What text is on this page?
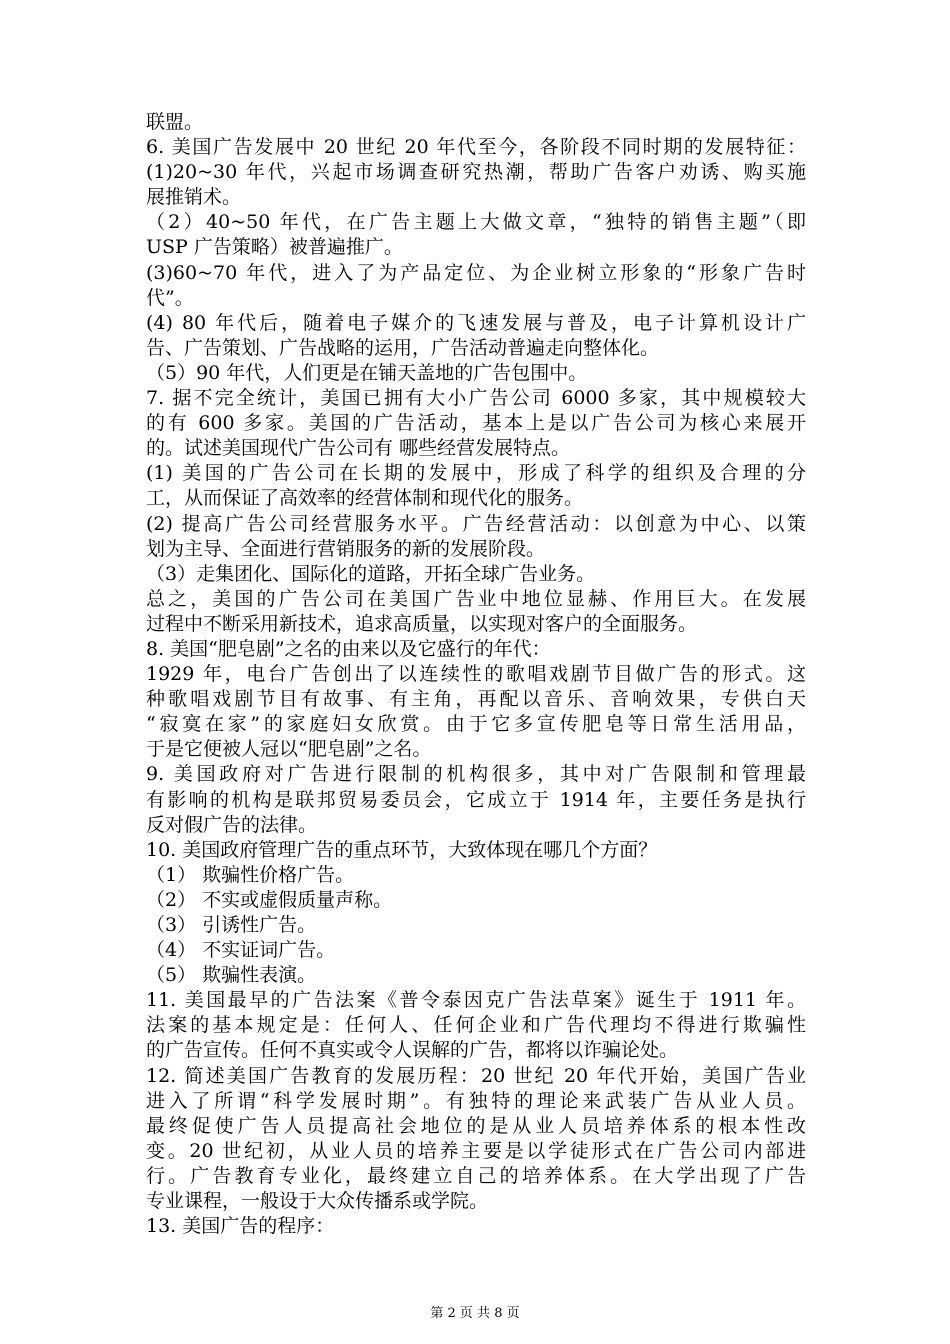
联盟。
6. 美国广告发展中 20 世纪 20 年代至今，各阶段不同时期的发展特征：
(1)20~30 年代，兴起市场调查研究热潮，帮助广告客户劝诱、购买施
展推销术。
（2）40~50 年代，在广告主题上大做文章，“独特的销售主题”（即
USP 广告策略）被普遍推广。
(3)60~70 年代，进入了为产品定位、为企业树立形象的“形象广告时
代”。
(4) 80 年代后，随着电子媒介的飞速发展与普及，电子计算机设计广
告、广告策划、广告战略的运用，广告活动普遍走向整体化。
（5）90 年代，人们更是在铺天盖地的广告包围中。
7. 据不完全统计，美国已拥有大小广告公司 6000 多家，其中规模较大
的有 600 多家。美国的广告活动，基本上是以广告公司为核心来展开
的。试述美国现代广告公司有 哪些经营发展特点。
(1) 美国的广告公司在长期的发展中，形成了科学的组织及合理的分
工，从而保证了高效率的经营体制和现代化的服务。
(2) 提高广告公司经营服务水平。广告经营活动：以创意为中心、以策
划为主导、全面进行营销服务的新的发展阶段。
（3）走集团化、国际化的道路，开拓全球广告业务。
总之，美国的广告公司在美国广告业中地位显赫、作用巨大。在发展
过程中不断采用新技术，追求高质量，以实现对客户的全面服务。
8. 美国“肥皂剧”之名的由来以及它盛行的年代：
1929 年，电台广告创出了以连续性的歌唱戏剧节目做广告的形式。这
种歌唱戏剧节目有故事、有主角，再配以音乐、音响效果，专供白天
“寂寞在家”的家庭妇女欣赏。由于它多宣传肥皂等日常生活用品，
于是它便被人冠以“肥皂剧”之名。
9. 美国政府对广告进行限制的机构很多，其中对广告限制和管理最
有影响的机构是联邦贸易委员会，它成立于 1914 年，主要任务是执行
反对假广告的法律。
10. 美国政府管理广告的重点环节，大致体现在哪几个方面？
（1） 欺骗性价格广告。
（2） 不实或虚假质量声称。
（3） 引诱性广告。
（4） 不实证词广告。
（5） 欺骗性表演。
11. 美国最早的广告法案《普令泰因克广告法草案》诞生于 1911 年。
法案的基本规定是：任何人、任何企业和广告代理均不得进行欺骗性
的广告宣传。任何不真实或令人误解的广告，都将以诈骗论处。
12. 简述美国广告教育的发展历程：20 世纪 20 年代开始，美国广告业
进入了所谓“科学发展时期”。有独特的理论来武装广告从业人员。
最终促使广告人员提高社会地位的是从业人员培养体系的根本性改
变。20 世纪初，从业人员的培养主要是以学徒形式在广告公司内部进
行。广告教育专业化，最终建立自己的培养体系。在大学出现了广告
专业课程，一般设于大众传播系或学院。
13. 美国广告的程序：
第 2 页 共 8 页
